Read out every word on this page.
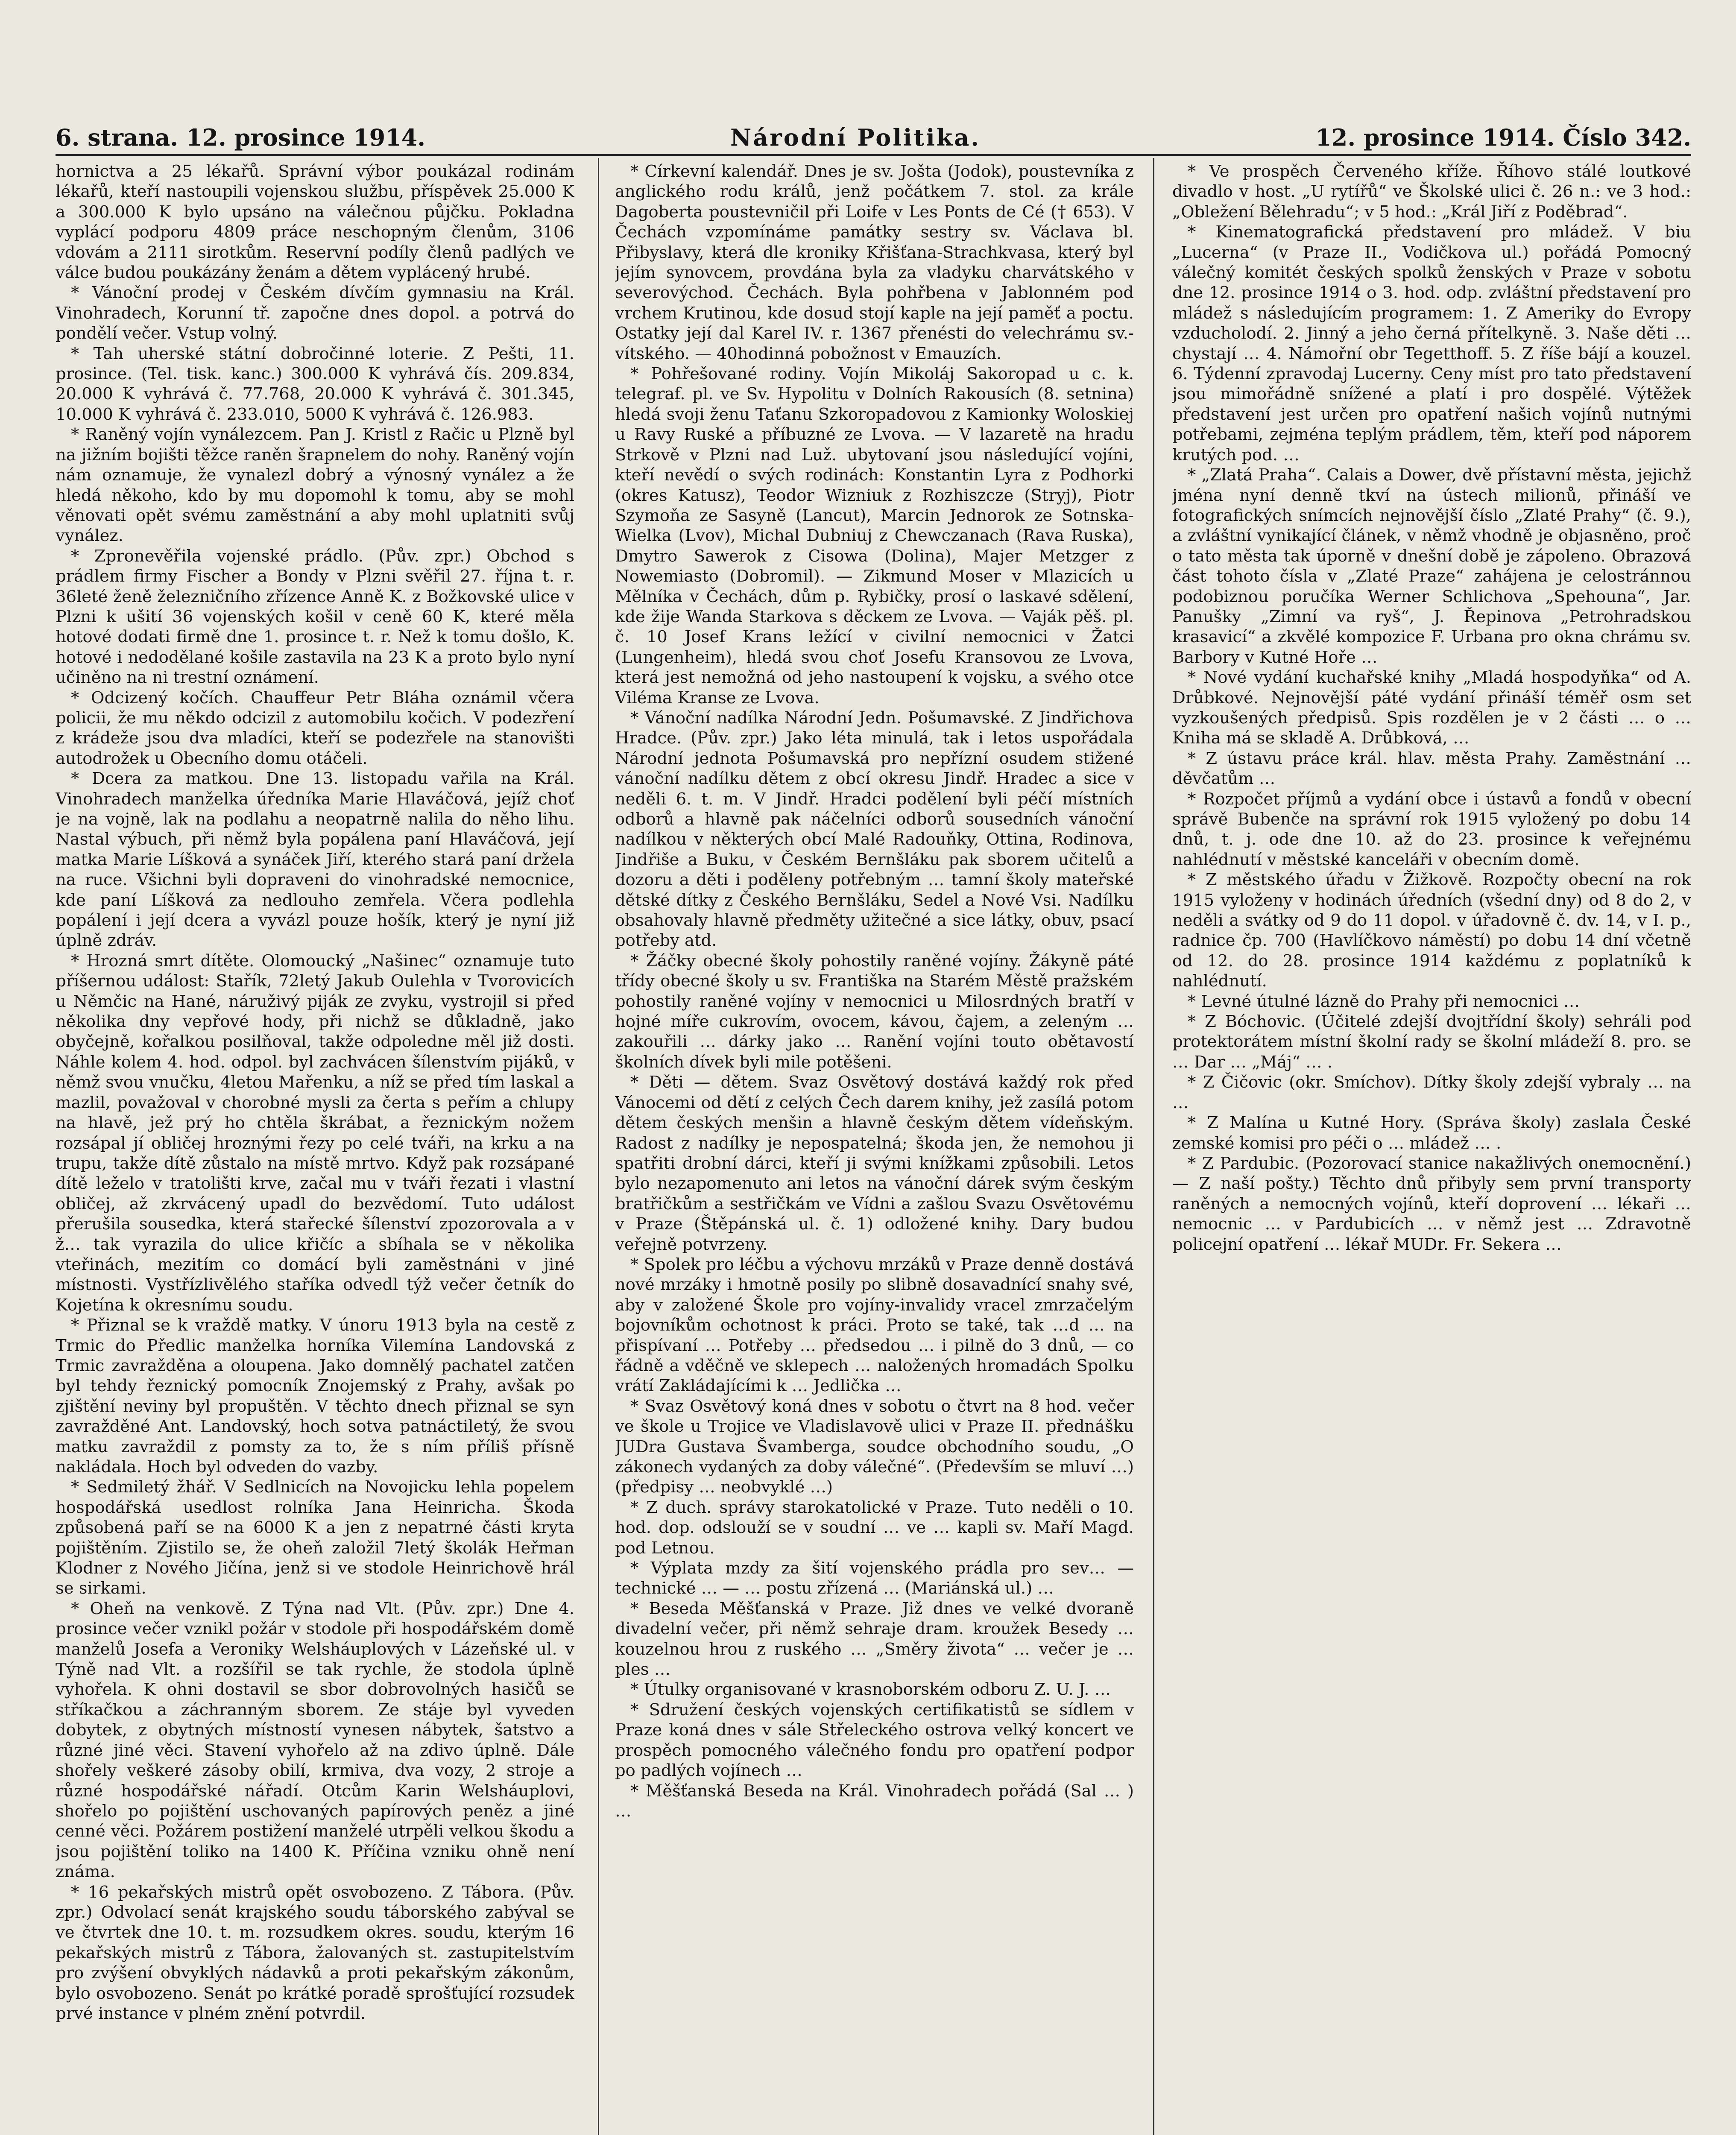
6. strana. 12. prosince 1914.	Národní Politika.	12. prosince 1914. Číslo 342.

hornictva a 25 lékařů. Správní výbor poukázal rodinám lékařů, kteří nastoupili vojenskou službu, příspěvek 25.000 K a 300.000 K bylo upsáno na válečnou půjčku. Pokladna vyplácí podporu 4809 práce neschopným členům, 3106 vdovám a 2111 sirotkům. Reservní podíly členů padlých ve válce budou poukázány ženám a dětem vyplácený hrubé.

* Vánoční prodej v Českém dívčím gymnasiu na Král. Vinohradech, Korunní tř. započne dnes dopol. a potrvá do pondělí večer. Vstup volný.

* Tah uherské státní dobročinné loterie. Z Pešti, 11. prosince. (Tel. tisk. kanc.) 300.000 K vyhrává čís. 209.834, 20.000 K vyhrává č. 77.768, 20.000 K vyhrává č. 301.345, 10.000 K vyhrává č. 233.010, 5000 K vyhrává č. 126.983.

* Raněný vojín vynálezcem. Pan J. Kristl z Račic u Plzně byl na jižním bojišti těžce raněn šrapnelem do nohy. Raněný vojín nám oznamuje, že vynalezl dobrý a výnosný vynález a že hledá někoho, kdo by mu dopomohl k tomu, aby se mohl věnovati opět svému zaměstnání a aby mohl uplatniti svůj vynález.

* Zpronevěřila vojenské prádlo. (Pův. zpr.) Obchod s prádlem firmy Fischer a Bondy v Plzni svěřil 27. října t. r. 36leté ženě železničního zřízence Anně K. z Božkovské ulice v Plzni k ušití 36 vojenských košil v ceně 60 K, které měla hotové dodati firmě dne 1. prosince t. r. Než k tomu došlo, K. hotové i nedodělané košile zastavila na 23 K a proto bylo nyní učiněno na ni trestní oznámení.

* Odcizený kočích. Chauffeur Petr Bláha oznámil včera policii, že mu někdo odcizil z automobilu kočich. V podezření z krádeže jsou dva mladíci, kteří se podezřele na stanovišti autodrožek u Obecního domu otáčeli.

* Dcera za matkou. Dne 13. listopadu vařila na Král. Vinohradech manželka úředníka Marie Hlaváčová, jejíž choť je na vojně, lak na podlahu a neopatrně nalila do něho lihu. Nastal výbuch, při němž byla popálena paní Hlaváčová, její matka Marie Líšková a synáček Jiří, kterého stará paní držela na ruce. Všichni byli dopraveni do vinohradské nemocnice, kde paní Líšková za nedlouho zemřela. Včera podlehla popálení i její dcera a vyvázl pouze hošík, který je nyní již úplně zdráv.

* Hrozná smrt dítěte. Olomoucký „Našinec“ oznamuje tuto příšernou událost: Stařík, 72letý Jakub Oulehla v Tvorovicích u Němčic na Hané, náruživý piják ze zvyku, vystrojil si před několika dny vepřové hody, při nichž se důkladně, jako obyčejně, kořalkou posilňoval, takže odpoledne měl již dosti. Náhle kolem 4. hod. odpol. byl zachvácen šílenstvím pijáků, v němž svou vnučku, 4letou Mařenku, a níž se před tím laskal a mazlil, považoval v chorobné mysli za čerta s peřím a chlupy na hlavě, jež prý ho chtěla škrábat, a řeznickým nožem rozsápal jí obličej hroznými řezy po celé tváři, na krku a na trupu, takže dítě zůstalo na místě mrtvo. Když pak rozsápané dítě leželo v tratolišti krve, začal mu v tváři řezati i vlastní obličej, až zkrvácený upadl do bezvědomí. Tuto událost přerušila sousedka, která stařecké šílenství zpozorovala a v ž… tak vyrazila do ulice křičíc a sbíhala se v několika vteřinách, mezitím co domácí byli zaměstnáni v jiné místnosti. Vystřízlivělého staříka odvedl týž večer četník do Kojetína k okresnímu soudu.

* Přiznal se k vraždě matky. V únoru 1913 byla na cestě z Trmic do Předlic manželka horníka Vilemína Landovská z Trmic zavražděna a oloupena. Jako domnělý pachatel zatčen byl tehdy řeznický pomocník Znojemský z Prahy, avšak po zjištění neviny byl propuštěn. V těchto dnech přiznal se syn zavražděné Ant. Landovský, hoch sotva patnáctiletý, že svou matku zavraždil z pomsty za to, že s ním příliš přísně nakládala. Hoch byl odveden do vazby.

* Sedmiletý žhář. V Sedlnicích na Novojicku lehla popelem hospodářská usedlost rolníka Jana Heinricha. Škoda způsobená paří se na 6000 K a jen z nepatrné části kryta pojištěním. Zjistilo se, že oheň založil 7letý školák Heřman Klodner z Nového Jičína, jenž si ve stodole Heinrichově hrál se sirkami.

* Oheň na venkově. Z Týna nad Vlt. (Pův. zpr.) Dne 4. prosince večer vznikl požár v stodole při hospodářském domě manželů Josefa a Veroniky Welsháuplových v Lázeňské ul. v Týně nad Vlt. a rozšířil se tak rychle, že stodola úplně vyhořela. K ohni dostavil se sbor dobrovolných hasičů se stříkačkou a záchranným sborem. Ze stáje byl vyveden dobytek, z obytných místností vynesen nábytek, šatstvo a různé jiné věci. Stavení vyhořelo až na zdivo úplně. Dále shořely veškeré zásoby obilí, krmiva, dva vozy, 2 stroje a různé hospodářské nářadí. Otcům Karin Welsháuplovi, shořelo po pojištění uschovaných papírových peněz a jiné cenné věci. Požárem postižení manželé utrpěli velkou škodu a jsou pojištění toliko na 1400 K. Příčina vzniku ohně není známa.

* 16 pekařských mistrů opět osvobozeno. Z Tábora. (Pův. zpr.) Odvolací senát krajského soudu táborského zabýval se ve čtvrtek dne 10. t. m. rozsudkem okres. soudu, kterým 16 pekařských mistrů z Tábora, žalovaných st. zastupitelstvím pro zvýšení obvyklých nádavků a proti pekařským zákonům, bylo osvobozeno. Senát po krátké poradě sprošťující rozsudek prvé instance v plném znění potvrdil.

* Církevní kalendář. Dnes je sv. Jošta (Jodok), poustevníka z anglického rodu králů, jenž počátkem 7. stol. za krále Dagoberta poustevničil při Loife v Les Ponts de Cé († 653). V Čechách vzpomínáme památky sestry sv. Václava bl. Přibyslavy, která dle kroniky Křišťana-Strachkvasa, který byl jejím synovcem, provdána byla za vladyku charvátského v severovýchod. Čechách. Byla pohřbena v Jablonném pod vrchem Krutinou, kde dosud stojí kaple na její paměť a poctu. Ostatky její dal Karel IV. r. 1367 přenésti do velechrámu sv.-vítského. — 40hodinná pobožnost v Emauzích.

* Pohřešované rodiny. Vojín Mikoláj Sakoropad u c. k. telegraf. pl. ve Sv. Hypolitu v Dolních Rakousích (8. setnina) hledá svoji ženu Taťanu Szkoropadovou z Kamionky Woloskiej u Ravy Ruské a příbuzné ze Lvova. — V lazaretě na hradu Strkově v Plzni nad Luž. ubytovaní jsou následující vojíni, kteří nevědí o svých rodinách: Konstantin Lyra z Podhorki (okres Katusz), Teodor Wizniuk z Rozhiszcze (Stryj), Piotr Szymoňa ze Sasyně (Lancut), Marcin Jednorok ze Sotnska-Wielka (Lvov), Michal Dubniuj z Chewczanach (Rava Ruska), Dmytro Sawerok z Cisowa (Dolina), Majer Metzger z Nowemiasto (Dobromil). — Zikmund Moser v Mlazicích u Mělníka v Čechách, dům p. Rybičky, prosí o laskavé sdělení, kde žije Wanda Starkova s děckem ze Lvova. — Vaják pěš. pl. č. 10 Josef Krans ležící v civilní nemocnici v Žatci (Lungenheim), hledá svou choť Josefu Kransovou ze Lvova, která jest nemožná od jeho nastoupení k vojsku, a svého otce Viléma Kranse ze Lvova.

* Vánoční nadílka Národní Jedn. Pošumavské. Z Jindřichova Hradce. (Pův. zpr.) Jako léta minulá, tak i letos uspořádala Národní jednota Pošumavská pro nepřízní osudem stižené vánoční nadílku dětem z obcí okresu Jindř. Hradec a sice v neděli 6. t. m. V Jindř. Hradci podělení byli péčí místních odborů a hlavně pak náčelníci odborů sousedních vánoční nadílkou v některých obcí Malé Radouňky, Ottina, Rodinova, Jindřiše a Buku, v Českém Bernšláku pak sborem učitelů a dozoru a děti i poděleny potřebným … tamní školy mateřské dětské dítky z Českého Bernšláku, Sedel a Nové Vsi. Nadílku obsahovaly hlavně předměty užitečné a sice látky, obuv, psací potřeby atd.

* Žáčky obecné školy pohostily raněné vojíny. Žákyně páté třídy obecné školy u sv. Františka na Starém Městě pražském pohostily raněné vojíny v nemocnici u Milosrdných bratří v hojné míře cukrovím, ovocem, kávou, čajem, a zeleným … zakouřili … dárky jako … Ranění vojíni touto obětavostí školních dívek byli mile potěšeni.

* Děti — dětem. Svaz Osvětový dostává každý rok před Vánocemi od dětí z celých Čech darem knihy, jež zasílá potom dětem českých menšin a hlavně českým dětem vídeňským. Radost z nadílky je nepospatelná; škoda jen, že nemohou ji spatřiti drobní dárci, kteří ji svými knížkami způsobili. Letos bylo nezapomenuto ani letos na vánoční dárek svým českým bratřičkům a sestřičkám ve Vídni a zašlou Svazu Osvětovému v Praze (Štěpánská ul. č. 1) odložené knihy. Dary budou veřejně potvrzeny.

* Spolek pro léčbu a výchovu mrzáků v Praze denně dostává nové mrzáky i hmotně posily po slibně dosavadnící snahy své, aby v založené Škole pro vojíny-invalidy vracel zmrzačelým bojovníkům ochotnost k práci. Proto se také, tak …d … na přispívaní … Potřeby … předsedou … i pilně do 3 dnů, — co řádně a vděčně ve sklepech … naložených hromadách Spolku vrátí Zakládajícími k … Jedlička …

* Svaz Osvětový koná dnes v sobotu o čtvrt na 8 hod. večer ve škole u Trojice ve Vladislavově ulici v Praze II. přednášku JUDra Gustava Švamberga, soudce obchodního soudu, „O zákonech vydaných za doby válečné“. (Především se mluví …) (předpisy … neobvyklé …)

* Z duch. správy starokatolické v Praze. Tuto neděli o 10. hod. dop. odslouží se v soudní … ve … kapli sv. Maří Magd. pod Letnou.

* Výplata mzdy za šití vojenského prádla pro sev… — technické … — … postu zřízená … (Mariánská ul.) …

* Beseda Měšťanská v Praze. Již dnes ve velké dvoraně divadelní večer, při němž sehraje dram. kroužek Besedy … kouzelnou hrou z ruského … „Směry života“ … večer je … ples …

* Útulky organisované v krasnoborském odboru Z. U. J. …

* Sdružení českých vojenských certifikatistů se sídlem v Praze koná dnes v sále Střeleckého ostrova velký koncert ve prospěch pomocného válečného fondu pro opatření podpor po padlých vojínech …

* Měšťanská Beseda na Král. Vinohradech pořádá (Sal … ) …

* Ve prospěch Červeného kříže. Říhovo stálé loutkové divadlo v host. „U rytířů“ ve Školské ulici č. 26 n.: ve 3 hod.: „Obležení Bělehradu“; v 5 hod.: „Král Jiří z Poděbrad“.

* Kinematografická představení pro mládež. V biu „Lucerna“ (v Praze II., Vodičkova ul.) pořádá Pomocný válečný komitét českých spolků ženských v Praze v sobotu dne 12. prosince 1914 o 3. hod. odp. zvláštní představení pro mládež s následujícím programem: 1. Z Ameriky do Evropy vzducholodí. 2. Jinný a jeho černá přítelkyně. 3. Naše děti … chystají … 4. Námořní obr Tegetthoff. 5. Z říše bájí a kouzel. 6. Týdenní zpravodaj Lucerny. Ceny míst pro tato představení jsou mimořádně snížené a platí i pro dospělé. Výtěžek představení jest určen pro opatření našich vojínů nutnými potřebami, zejména teplým prádlem, těm, kteří pod náporem krutých pod. …

* „Zlatá Praha“. Calais a Dower, dvě přístavní města, jejichž jména nyní denně tkví na ústech milionů, přináší ve fotografických snímcích nejnovější číslo „Zlaté Prahy“ (č. 9.), a zvláštní vynikající článek, v němž vhodně je objasněno, proč o tato města tak úporně v dnešní době je zápoleno. Obrazová část tohoto čísla v „Zlaté Praze“ zahájena je celostránnou podobiznou poručíka Werner Schlichova „Spehouna“, Jar. Panušky „Zimní va ryš“, J. Řepinova „Petrohradskou krasavicí“ a zkvělé kompozice F. Urbana pro okna chrámu sv. Barbory v Kutné Hoře …

* Nové vydání kuchařské knihy „Mladá hospodyňka“ od A. Drůbkové. Nejnovější páté vydání přináší téměř osm set vyzkoušených předpisů. Spis rozdělen je v 2 části … o … Kniha má se skladě A. Drůbková, …

* Z ústavu práce král. hlav. města Prahy. Zaměstnání … děvčatům …

* Rozpočet příjmů a vydání obce i ústavů a fondů v obecní správě Bubenče na správní rok 1915 vyložený po dobu 14 dnů, t. j. ode dne 10. až do 23. prosince k veřejnému nahlédnutí v městské kanceláři v obecním domě.

* Z městského úřadu v Žižkově. Rozpočty obecní na rok 1915 vyloženy v hodinách úředních (všední dny) od 8 do 2, v neděli a svátky od 9 do 11 dopol. v úřadovně č. dv. 14, v I. p., radnice čp. 700 (Havlíčkovo náměstí) po dobu 14 dní včetně od 12. do 28. prosince 1914 každému z poplatníků k nahlédnutí.

* Levné útulné lázně do Prahy při nemocnici …

* Z Bóchovic. (Účitelé zdejší dvojtřídní školy) sehráli pod protektorátem místní školní rady se školní mládeží 8. pro. se … Dar … „Máj“ … .

* Z Čičovic (okr. Smíchov). Dítky školy zdejší vybraly … na …

* Z Malína u Kutné Hory. (Správa školy) zaslala České zemské komisi pro péči o … mládež … .

* Z Pardubic. (Pozorovací stanice nakažlivých onemocnění.) — Z naší pošty.) Těchto dnů přibyly sem první transporty raněných a nemocných vojínů, kteří doprovení … lékaři … nemocnic … v Pardubicích … v němž jest … Zdravotně policejní opatření … lékař MUDr. Fr. Sekera …
